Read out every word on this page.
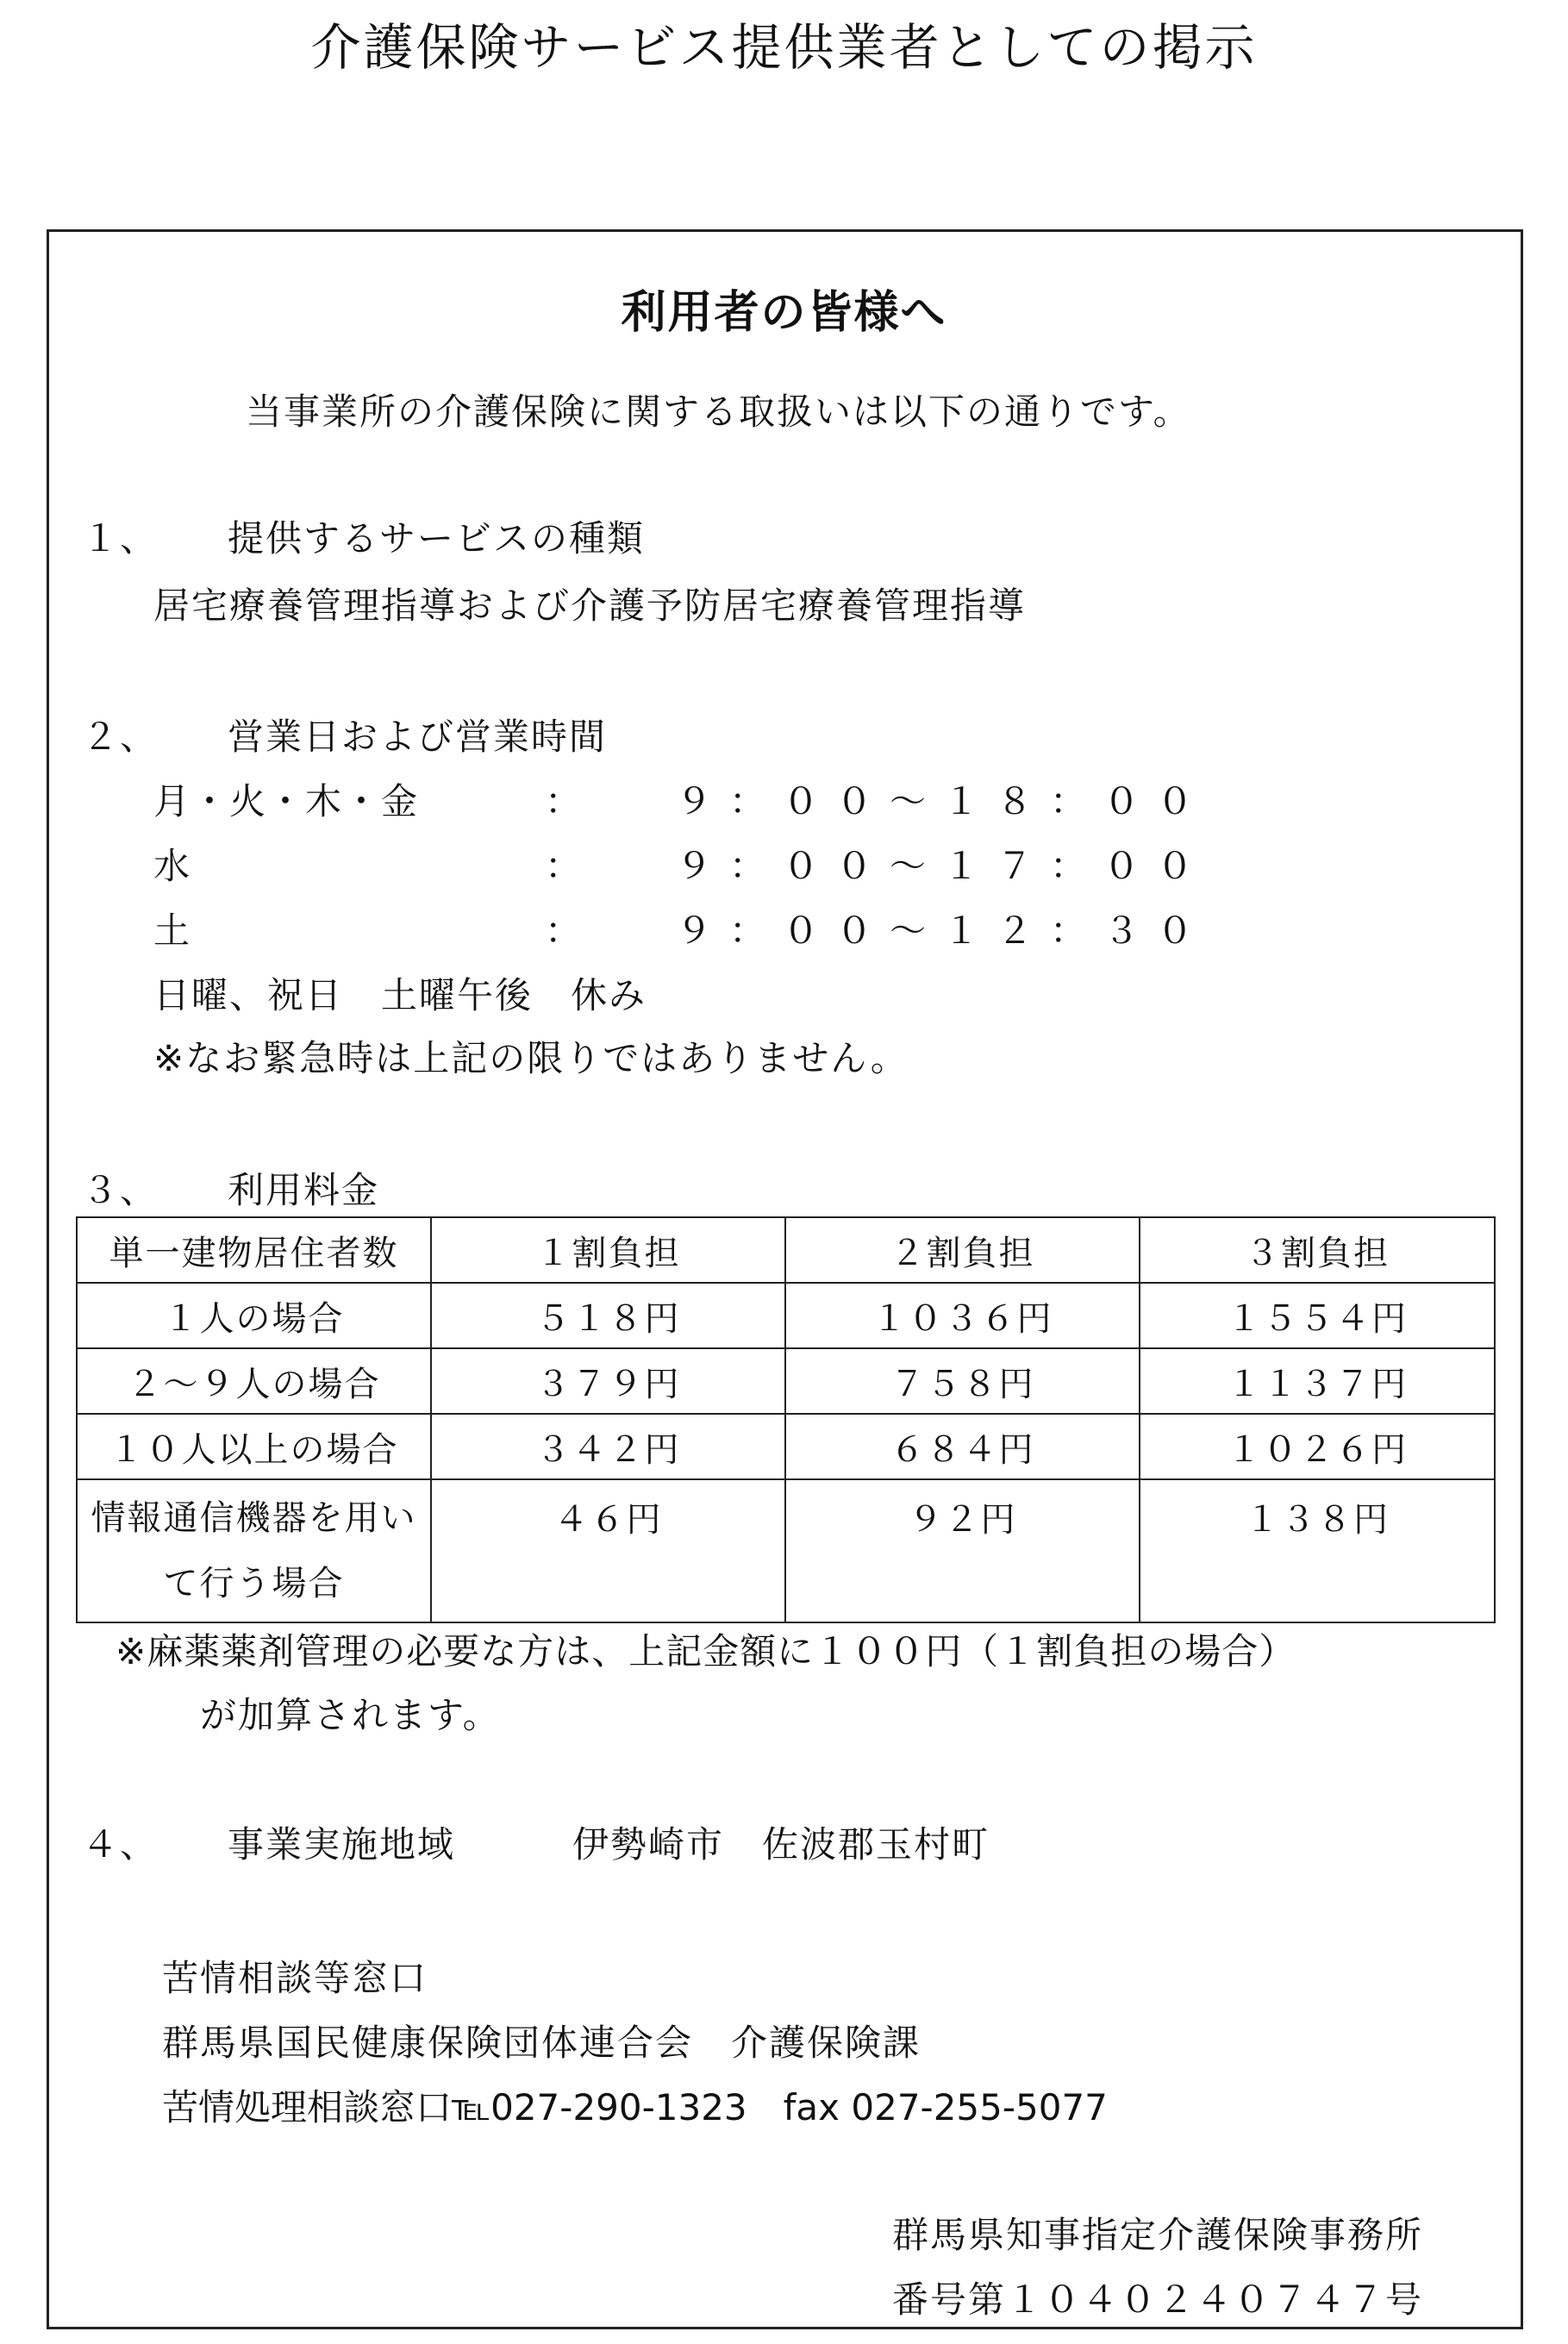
介護保険サービス提供業者としての掲示
利用者の皆様へ
当事業所の介護保険に関する取扱いは以下の通りです。
１、 提供するサービスの種類
居宅療養管理指導および介護予防居宅療養管理指導
２、 営業日および営業時間
月・火・木・金	：	９：００～１８：００
水	：	９：００～１７：００
土	：	９：００～１２：３０
日曜、祝日　土曜午後　休み
※なお緊急時は上記の限りではありません。
３、 利用料金
単一建物居住者数	１割負担	２割負担	３割負担
１人の場合	５１８円	１０３６円	１５５４円
２～９人の場合	３７９円	７５８円	１１３７円
１０人以上の場合	３４２円	６８４円	１０２６円
情報通信機器を用いて行う場合	４６円	９２円	１３８円
※麻薬薬剤管理の必要な方は、上記金額に１００円（１割負担の場合）
が加算されます。
４、 事業実施地域	伊勢崎市　佐波郡玉村町
苦情相談等窓口
群馬県国民健康保険団体連合会　介護保険課
苦情処理相談窓口℡027-290-1323　fax 027-255-5077
群馬県知事指定介護保険事務所
番号第１０４０２４０７４７号
